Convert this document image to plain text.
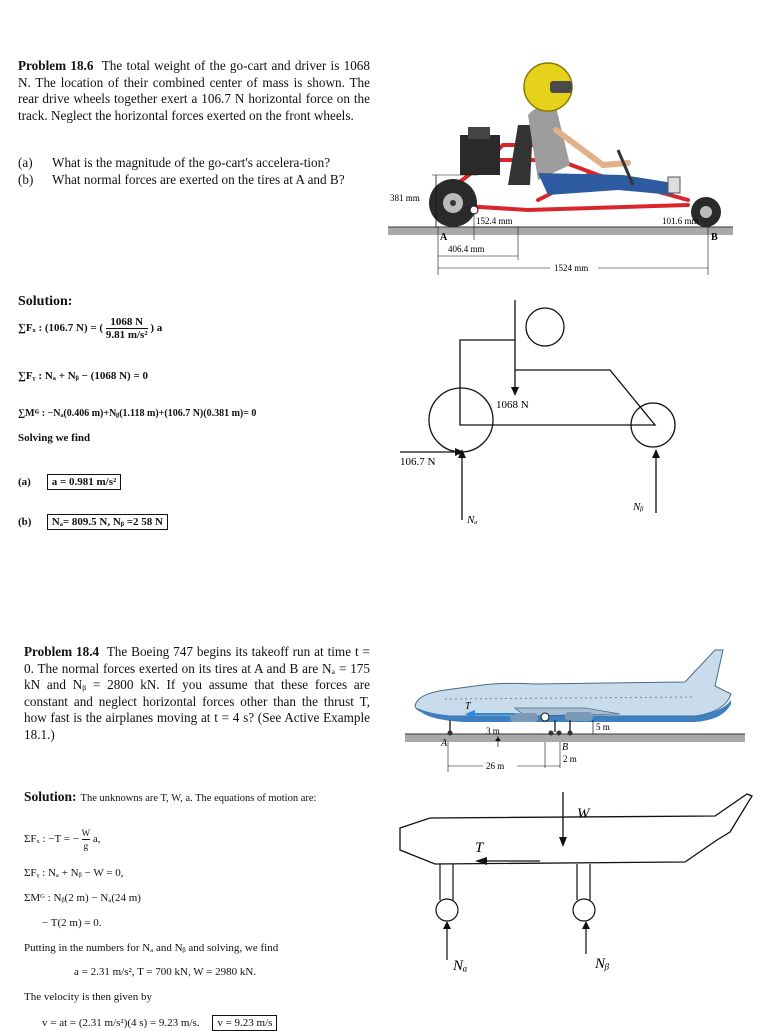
Problem 18.6 The total weight of the go-cart and driver is 1068 N. The location of their combined center of mass is shown. The rear drive wheels together exert a 106.7 N horizontal force on the track. Neglect the horizontal forces exerted on the front wheels.
(a)	What is the magnitude of the go-cart's accelera-tion?
(b)	What normal forces are exerted on the tires at A and B?
381 mm
152.4 mm	101.6 mm
406.4 mm
1524 mm
A	B
Solution:
∑Fₓ : (106.7 N) = ( $\frac{1068 N}{\text{9.81 m/s²}}$ ) a
∑Fᵧ : Nₐ + Nᵦ − (1068 N) = 0
∑Mᴳ : −Nₐ(0.406 m)+Nᵦ(1.118 m)+(106.7 N)(0.381 m)= 0
Solving we find
(a) a = 0.981 m/s²
(b) Nₐ= 809.5 N, Nᵦ =2 58 N
1068 N
106.7 N
Nₐ
Nᵦ
Problem 18.4 The Boeing 747 begins its takeoff run at time t = 0. The normal forces exerted on its tires at A and B are Nₐ = 175 kN and Nᵦ = 2800 kN. If you assume that these forces are constant and neglect horizontal forces other than the thrust T, how fast is the airplanes moving at t = 4 s? (See Active Example 18.1.)
T
3 m	5 m
A	B
2 m
26 m
Solution: The unknowns are T, W, a. The equations of motion are:
ΣFₓ : −T = − $\frac{W}{g} a$,
ΣFᵧ : Nₐ + Nᵦ − W = 0,
ΣMᴳ : Nᵦ(2 m) − Nₐ(24 m)
− T(2 m) = 0.
Putting in the numbers for Nₐ and Nᵦ and solving, we find
a = 2.31 m/s², T = 700 kN, W = 2980 kN.
The velocity is then given by
v = at = (2.31 m/s²)(4 s) = 9.23 m/s. v = 9.23 m/s
W
T
Nₐ	Nᵦ
